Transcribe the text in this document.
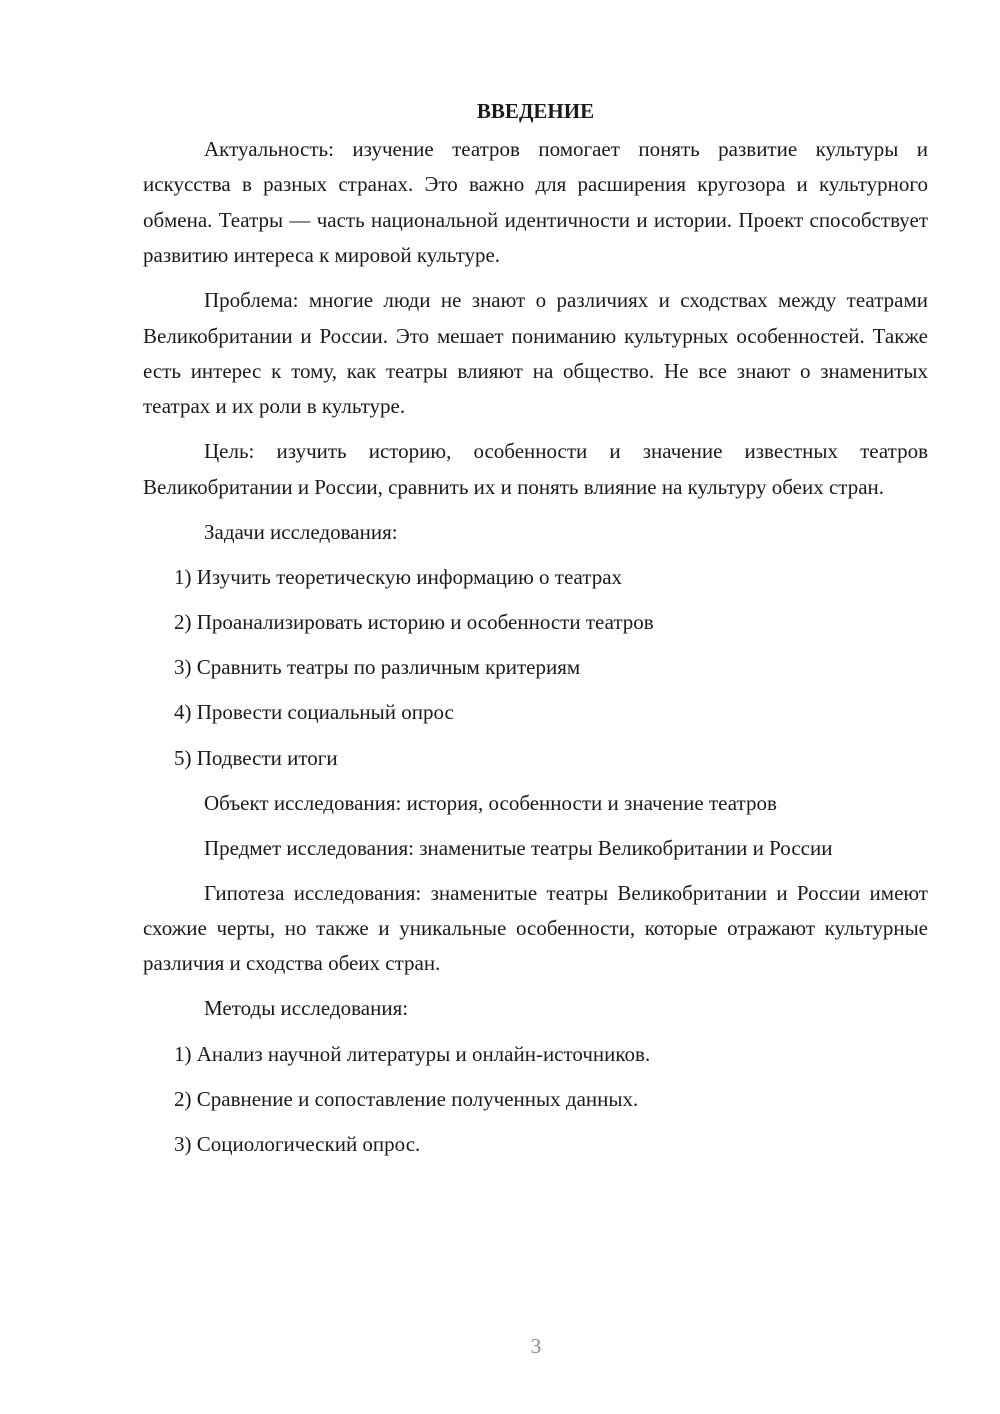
ВВЕДЕНИЕ

Актуальность: изучение театров помогает понять развитие культуры и искусства в разных странах. Это важно для расширения кругозора и культурного обмена. Театры — часть национальной идентичности и истории. Проект способствует развитию интереса к мировой культуре.

Проблема: многие люди не знают о различиях и сходствах между театрами Великобритании и России. Это мешает пониманию культурных особенностей. Также есть интерес к тому, как театры влияют на общество. Не все знают о знаменитых театрах и их роли в культуре.

Цель: изучить историю, особенности и значение известных театров Великобритании и России, сравнить их и понять влияние на культуру обеих стран.

Задачи исследования:

1) Изучить теоретическую информацию о театрах

2) Проанализировать историю и особенности театров

3) Сравнить театры по различным критериям

4) Провести социальный опрос

5) Подвести итоги

Объект исследования: история, особенности и значение театров

Предмет исследования: знаменитые театры Великобритании и России

Гипотеза исследования: знаменитые театры Великобритании и России имеют схожие черты, но также и уникальные особенности, которые отражают культурные различия и сходства обеих стран.

Методы исследования:

1) Анализ научной литературы и онлайн-источников.

2) Сравнение и сопоставление полученных данных.

3) Социологический опрос.

3
